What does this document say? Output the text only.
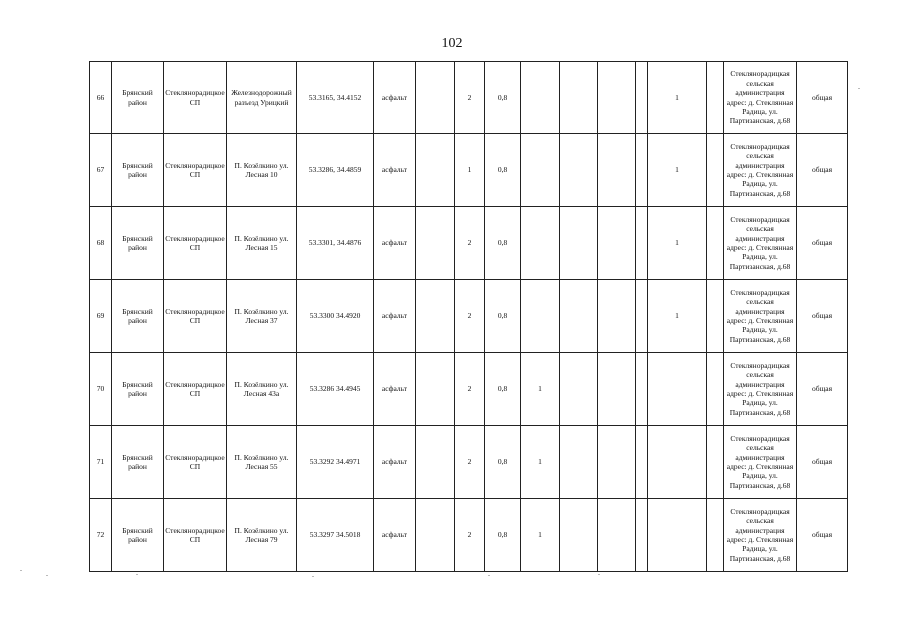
102
66	Брянский район	Стеклянорадицкое СП	Железнодорожный разъезд Урицкий	53.3165, 34.4152	асфальт		2	0,8					1		Стеклянорадицкая сельская администрация адрес: д. Стеклянная Радица, ул. Партизанская, д.68	общая
67	Брянский район	Стеклянорадицкое СП	П. Козёлкино ул. Лесная 10	53.3286, 34.4859	асфальт		1	0,8					1		Стеклянорадицкая сельская администрация адрес: д. Стеклянная Радица, ул. Партизанская, д.68	общая
68	Брянский район	Стеклянорадицкое СП	П. Козёлкино ул. Лесная 15	53.3301, 34.4876	асфальт		2	0,8					1		Стеклянорадицкая сельская администрация адрес: д. Стеклянная Радица, ул. Партизанская, д.68	общая
69	Брянский район	Стеклянорадицкое СП	П. Козёлкино ул. Лесная 37	53.3300 34.4920	асфальт		2	0,8					1		Стеклянорадицкая сельская администрация адрес: д. Стеклянная Радица, ул. Партизанская, д.68	общая
70	Брянский район	Стеклянорадицкое СП	П. Козёлкино ул. Лесная 43а	53.3286 34.4945	асфальт		2	0,8	1						Стеклянорадицкая сельская администрация адрес: д. Стеклянная Радица, ул. Партизанская, д.68	общая
71	Брянский район	Стеклянорадицкое СП	П. Козёлкино ул. Лесная 55	53.3292 34.4971	асфальт		2	0,8	1						Стеклянорадицкая сельская администрация адрес: д. Стеклянная Радица, ул. Партизанская, д.68	общая
72	Брянский район	Стеклянорадицкое СП	П. Козёлкино ул. Лесная 79	53.3297 34.5018	асфальт		2	0,8	1						Стеклянорадицкая сельская администрация адрес: д. Стеклянная Радица, ул. Партизанская, д.68	общая
